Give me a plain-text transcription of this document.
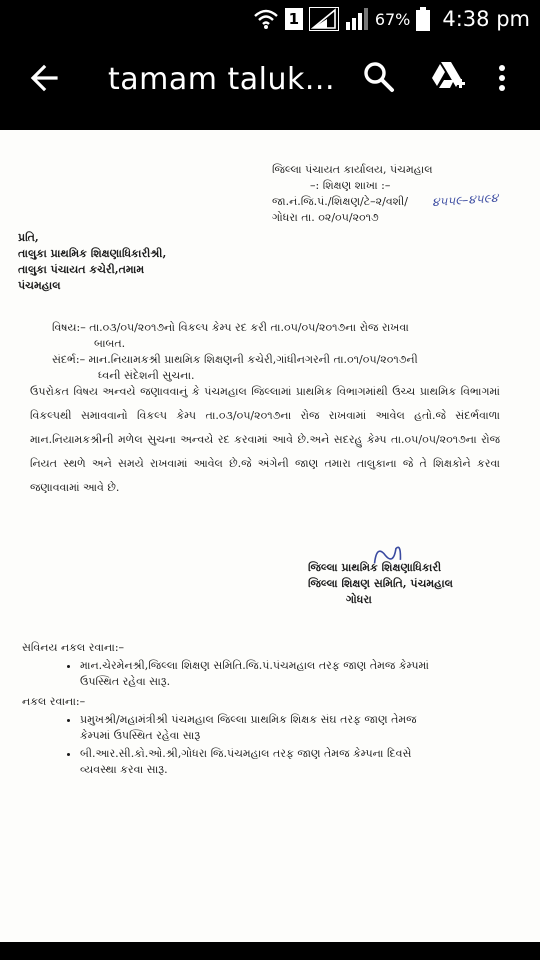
1	67% 4:38 pm
tamam taluk...
જિલ્લા પંચાયત કાર્યાલય, પંચમહાલ
–: શિક્ષણ શાખા :–
જા.નં.જિ.પં./શિક્ષણ/ટે–૨/વશી/
ગોધરા તા. ૦૨/૦૫/૨૦૧૭
૪૫૫૯–૪૫૯૪
પ્રતિ,
તાલુકા પ્રાથમિક શિક્ષણાધિકારીશ્રી,
તાલુકા પંચાયત કચેરી,તમામ
પંચમહાલ
વિષય:– તા.૦૩/૦૫/૨૦૧૭નો વિકલ્પ કેમ્પ રદ કરી તા.૦૫/૦૫/૨૦૧૭ના રોજ રાખવા
બાબત.
સંદર્ભ:– માન.નિયામકશ્રી પ્રાથમિક શિક્ષણની કચેરી,ગાંધીનગરની તા.૦૧/૦૫/૨૦૧૭ની
ધ્વની સંદેશની સુચના.
ઉપરોકત વિષય અન્વયે જણાવવાનું કે પંચમહાલ જિલ્લામાં પ્રાથમિક વિભાગમાંથી ઉચ્ચ પ્રાથમિક વિભાગમાં વિકલ્પથી સમાવવાનો વિકલ્પ કેમ્પ તા.૦૩/૦૫/૨૦૧૭ના રોજ રાખવામાં આવેલ હતો.જે સંદર્ભવાળા માન.નિયામકશ્રીની મળેલ સુચના અન્વયે રદ કરવામાં આવે છે.અને સદરહુ કેમ્પ તા.૦૫/૦૫/૨૦૧૭ના રોજ નિયત સ્થળે અને સમયે રાખવામાં આવેલ છે.જે અંગેની જાણ તમારા તાલુકાના જે તે શિક્ષકોને કરવા જણાવવામાં આવે છે.
જિલ્લા પ્રાથમિક શિક્ષણાધિકારી
જિલ્લા શિક્ષણ સમિતિ, પંચમહાલ
ગોધરા
સવિનય નકલ રવાના:–
• માન.ચેરમેનશ્રી,જિલ્લા શિક્ષણ સમિતિ.જિ.પં.પંચમહાલ તરફ જાણ તેમજ કેમ્પમાં
ઉપસ્થિત રહેવા સારૂ.
નકલ રવાના:–
• પ્રમુખશ્રી/મહામંત્રીશ્રી પંચમહાલ જિલ્લા પ્રાથમિક શિક્ષક સંઘ તરફ જાણ તેમજ
કેમ્પમાં ઉપસ્થિત રહેવા સારૂ
• બી.આર.સી.કો.ઓ.શ્રી,ગોધરા જિ.પંચમહાલ તરફ જાણ તેમજ કેમ્પના દિવસે
વ્યવસ્થા કરવા સારૂ.
